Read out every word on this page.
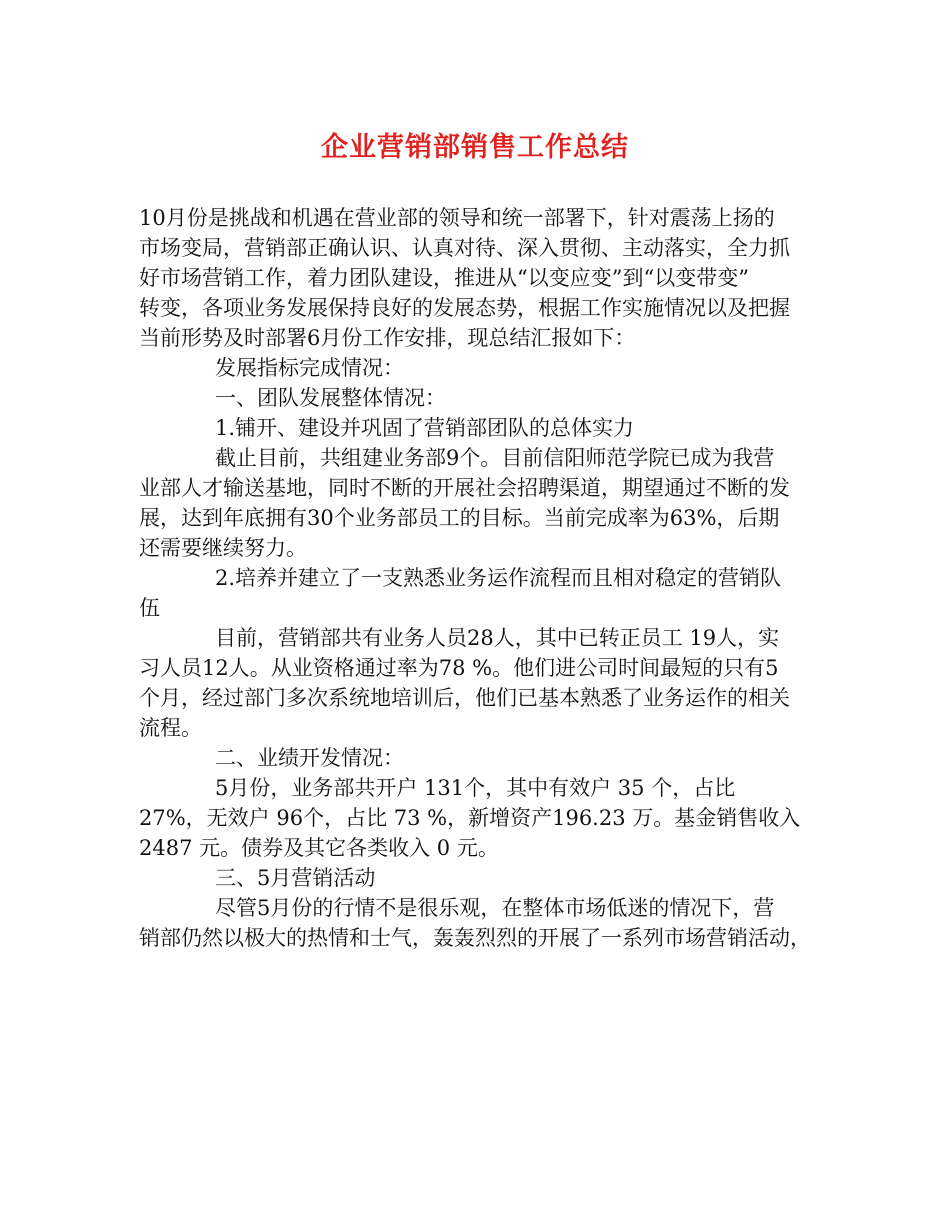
企业营销部销售工作总结
10月份是挑战和机遇在营业部的领导和统一部署下，针对震荡上扬的
市场变局，营销部正确认识、认真对待、深入贯彻、主动落实，全力抓
好市场营销工作，着力团队建设，推进从“以变应变”到“以变带变”
转变，各项业务发展保持良好的发展态势，根据工作实施情况以及把握
当前形势及时部署6月份工作安排，现总结汇报如下：
发展指标完成情况：
一、团队发展整体情况：
1.铺开、建设并巩固了营销部团队的总体实力
截止目前，共组建业务部9个。目前信阳师范学院已成为我营
业部人才输送基地，同时不断的开展社会招聘渠道，期望通过不断的发
展，达到年底拥有30个业务部员工的目标。当前完成率为63%，后期
还需要继续努力。
2.培养并建立了一支熟悉业务运作流程而且相对稳定的营销队
伍
目前，营销部共有业务人员28人，其中已转正员工 19人，实
习人员12人。从业资格通过率为78 %。他们进公司时间最短的只有5
个月，经过部门多次系统地培训后，他们已基本熟悉了业务运作的相关
流程。
二、业绩开发情况：
5月份，业务部共开户 131个，其中有效户 35 个，占比
27%，无效户 96个，占比 73 %，新增资产196.23 万。基金销售收入
2487 元。债券及其它各类收入 0 元。
三、5月营销活动
尽管5月份的行情不是很乐观，在整体市场低迷的情况下，营
销部仍然以极大的热情和士气，轰轰烈烈的开展了一系列市场营销活动，
